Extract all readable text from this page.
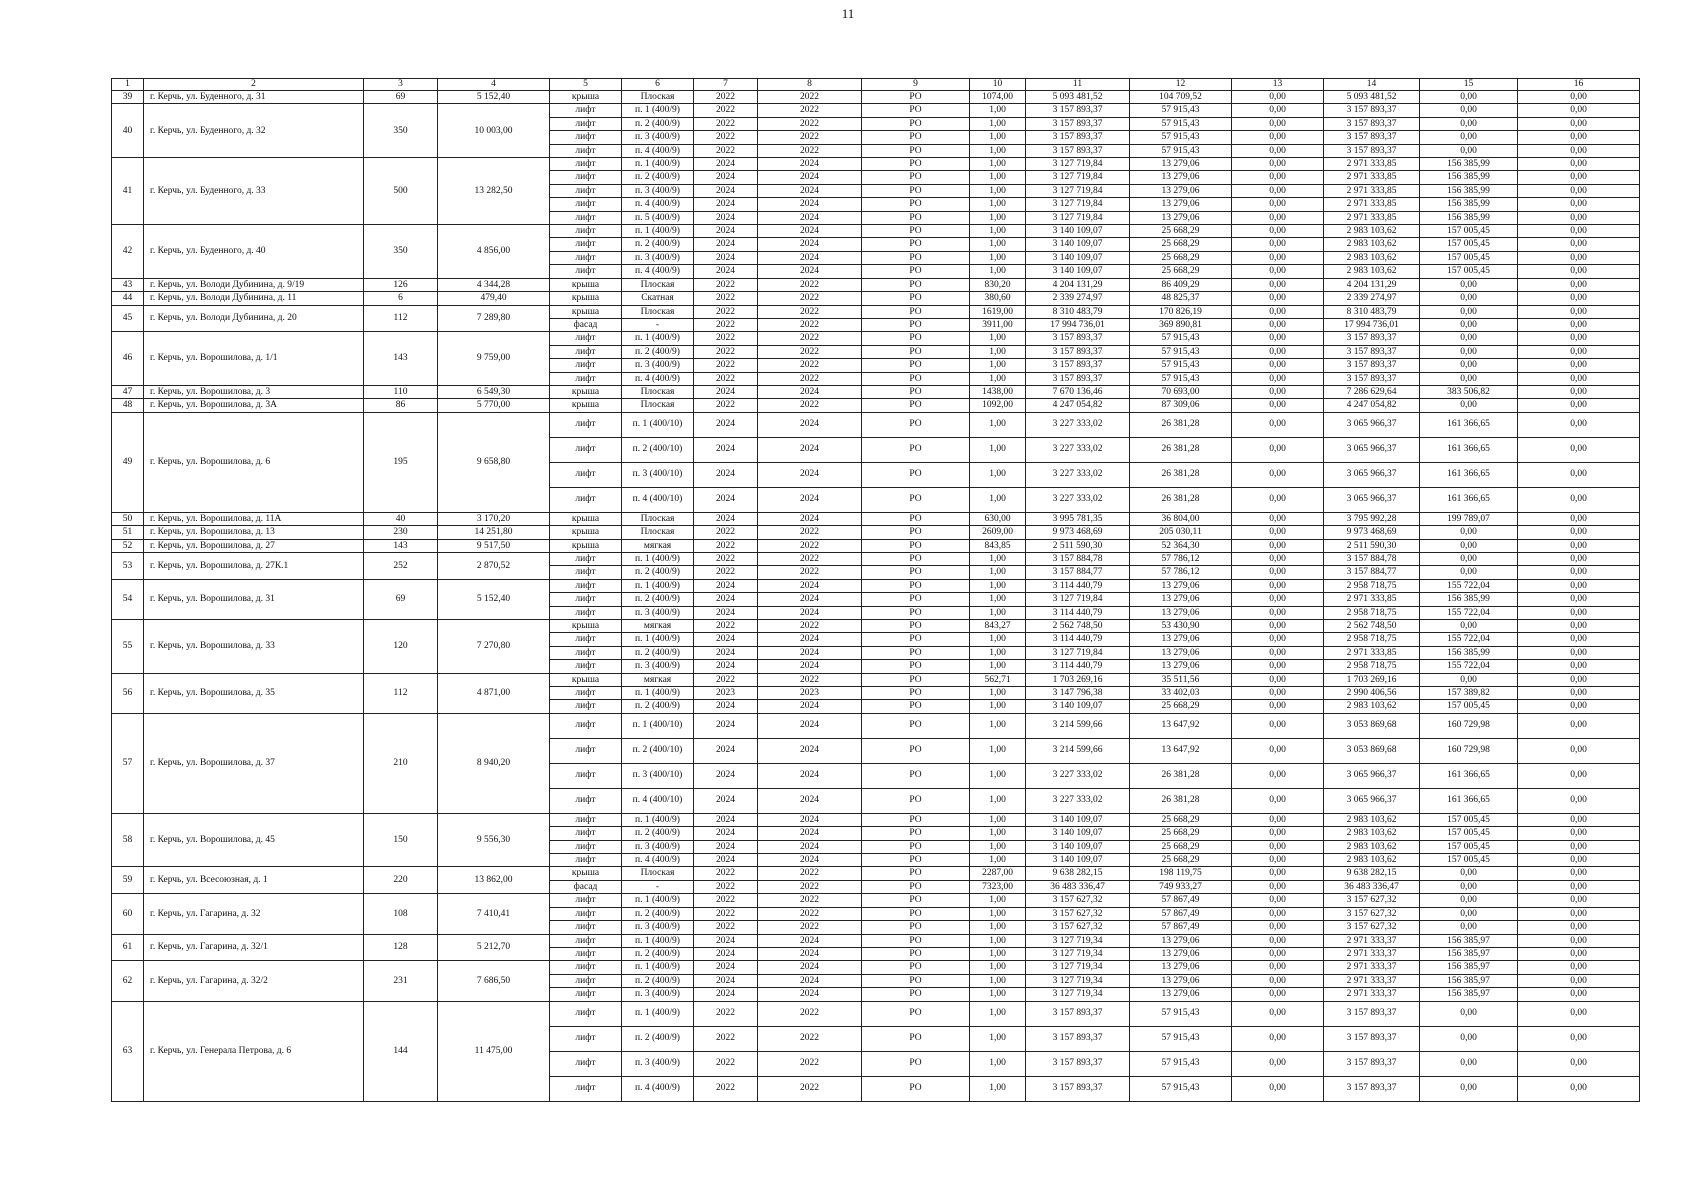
11
1	2	3	4	5	6	7	8	9	10	11	12	13	14	15	16
39	г. Керчь, ул. Буденного, д. 31	69	5 152,40	крыша	Плоская	2022	2022	РО	1074,00	5 093 481,52	104 709,52	0,00	5 093 481,52	0,00	0,00
40	г. Керчь, ул. Буденного, д. 32	350	10 003,00	лифт	п. 1 (400/9)	2022	2022	РО	1,00	3 157 893,37	57 915,43	0,00	3 157 893,37	0,00	0,00
				лифт	п. 2 (400/9)	2022	2022	РО	1,00	3 157 893,37	57 915,43	0,00	3 157 893,37	0,00	0,00
				лифт	п. 3 (400/9)	2022	2022	РО	1,00	3 157 893,37	57 915,43	0,00	3 157 893,37	0,00	0,00
				лифт	п. 4 (400/9)	2022	2022	РО	1,00	3 157 893,37	57 915,43	0,00	3 157 893,37	0,00	0,00
41	г. Керчь, ул. Буденного, д. 33	500	13 282,50	лифт	п. 1 (400/9)	2024	2024	РО	1,00	3 127 719,84	13 279,06	0,00	2 971 333,85	156 385,99	0,00
				лифт	п. 2 (400/9)	2024	2024	РО	1,00	3 127 719,84	13 279,06	0,00	2 971 333,85	156 385,99	0,00
				лифт	п. 3 (400/9)	2024	2024	РО	1,00	3 127 719,84	13 279,06	0,00	2 971 333,85	156 385,99	0,00
				лифт	п. 4 (400/9)	2024	2024	РО	1,00	3 127 719,84	13 279,06	0,00	2 971 333,85	156 385,99	0,00
				лифт	п. 5 (400/9)	2024	2024	РО	1,00	3 127 719,84	13 279,06	0,00	2 971 333,85	156 385,99	0,00
42	г. Керчь, ул. Буденного, д. 40	350	4 856,00	лифт	п. 1 (400/9)	2024	2024	РО	1,00	3 140 109,07	25 668,29	0,00	2 983 103,62	157 005,45	0,00
				лифт	п. 2 (400/9)	2024	2024	РО	1,00	3 140 109,07	25 668,29	0,00	2 983 103,62	157 005,45	0,00
				лифт	п. 3 (400/9)	2024	2024	РО	1,00	3 140 109,07	25 668,29	0,00	2 983 103,62	157 005,45	0,00
				лифт	п. 4 (400/9)	2024	2024	РО	1,00	3 140 109,07	25 668,29	0,00	2 983 103,62	157 005,45	0,00
43	г. Керчь, ул. Володи Дубинина, д. 9/19	126	4 344,28	крыша	Плоская	2022	2022	РО	830,20	4 204 131,29	86 409,29	0,00	4 204 131,29	0,00	0,00
44	г. Керчь, ул. Володи Дубинина, д. 11	6	479,40	крыша	Скатная	2022	2022	РО	380,60	2 339 274,97	48 825,37	0,00	2 339 274,97	0,00	0,00
45	г. Керчь, ул. Володи Дубинина, д. 20	112	7 289,80	крыша	Плоская	2022	2022	РО	1619,00	8 310 483,79	170 826,19	0,00	8 310 483,79	0,00	0,00
				фасад	-	2022	2022	РО	3911,00	17 994 736,01	369 890,81	0,00	17 994 736,01	0,00	0,00
46	г. Керчь, ул. Ворошилова, д. 1/1	143	9 759,00	лифт	п. 1 (400/9)	2022	2022	РО	1,00	3 157 893,37	57 915,43	0,00	3 157 893,37	0,00	0,00
				лифт	п. 2 (400/9)	2022	2022	РО	1,00	3 157 893,37	57 915,43	0,00	3 157 893,37	0,00	0,00
				лифт	п. 3 (400/9)	2022	2022	РО	1,00	3 157 893,37	57 915,43	0,00	3 157 893,37	0,00	0,00
				лифт	п. 4 (400/9)	2022	2022	РО	1,00	3 157 893,37	57 915,43	0,00	3 157 893,37	0,00	0,00
47	г. Керчь, ул. Ворошилова, д. 3	110	6 549,30	крыша	Плоская	2024	2024	РО	1438,00	7 670 136,46	70 693,00	0,00	7 286 629,64	383 506,82	0,00
48	г. Керчь, ул. Ворошилова, д. 3А	86	5 770,00	крыша	Плоская	2022	2022	РО	1092,00	4 247 054,82	87 309,06	0,00	4 247 054,82	0,00	0,00
49	г. Керчь, ул. Ворошилова, д. 6	195	9 658,80	лифт	п. 1 (400/10)	2024	2024	РО	1,00	3 227 333,02	26 381,28	0,00	3 065 966,37	161 366,65	0,00
				лифт	п. 2 (400/10)	2024	2024	РО	1,00	3 227 333,02	26 381,28	0,00	3 065 966,37	161 366,65	0,00
				лифт	п. 3 (400/10)	2024	2024	РО	1,00	3 227 333,02	26 381,28	0,00	3 065 966,37	161 366,65	0,00
				лифт	п. 4 (400/10)	2024	2024	РО	1,00	3 227 333,02	26 381,28	0,00	3 065 966,37	161 366,65	0,00
50	г. Керчь, ул. Ворошилова, д. 11А	40	3 170,20	крыша	Плоская	2024	2024	РО	630,00	3 995 781,35	36 804,00	0,00	3 795 992,28	199 789,07	0,00
51	г. Керчь, ул. Ворошилова, д. 13	230	14 251,80	крыша	Плоская	2022	2022	РО	2609,00	9 973 468,69	205 030,11	0,00	9 973 468,69	0,00	0,00
52	г. Керчь, ул. Ворошилова, д. 27	143	9 517,50	крыша	мягкая	2022	2022	РО	843,85	2 511 590,30	52 364,30	0,00	2 511 590,30	0,00	0,00
53	г. Керчь, ул. Ворошилова, д. 27К.1	252	2 870,52	лифт	п. 1 (400/9)	2022	2022	РО	1,00	3 157 884,78	57 786,12	0,00	3 157 884,78	0,00	0,00
				лифт	п. 2 (400/9)	2022	2022	РО	1,00	3 157 884,77	57 786,12	0,00	3 157 884,77	0,00	0,00
54	г. Керчь, ул. Ворошилова, д. 31	69	5 152,40	лифт	п. 1 (400/9)	2024	2024	РО	1,00	3 114 440,79	13 279,06	0,00	2 958 718,75	155 722,04	0,00
				лифт	п. 2 (400/9)	2024	2024	РО	1,00	3 127 719,84	13 279,06	0,00	2 971 333,85	156 385,99	0,00
				лифт	п. 3 (400/9)	2024	2024	РО	1,00	3 114 440,79	13 279,06	0,00	2 958 718,75	155 722,04	0,00
55	г. Керчь, ул. Ворошилова, д. 33	120	7 270,80	крыша	мягкая	2022	2022	РО	843,27	2 562 748,50	53 430,90	0,00	2 562 748,50	0,00	0,00
				лифт	п. 1 (400/9)	2024	2024	РО	1,00	3 114 440,79	13 279,06	0,00	2 958 718,75	155 722,04	0,00
				лифт	п. 2 (400/9)	2024	2024	РО	1,00	3 127 719,84	13 279,06	0,00	2 971 333,85	156 385,99	0,00
				лифт	п. 3 (400/9)	2024	2024	РО	1,00	3 114 440,79	13 279,06	0,00	2 958 718,75	155 722,04	0,00
56	г. Керчь, ул. Ворошилова, д. 35	112	4 871,00	крыша	мягкая	2022	2022	РО	562,71	1 703 269,16	35 511,56	0,00	1 703 269,16	0,00	0,00
				лифт	п. 1 (400/9)	2023	2023	РО	1,00	3 147 796,38	33 402,03	0,00	2 990 406,56	157 389,82	0,00
				лифт	п. 2 (400/9)	2024	2024	РО	1,00	3 140 109,07	25 668,29	0,00	2 983 103,62	157 005,45	0,00
57	г. Керчь, ул. Ворошилова, д. 37	210	8 940,20	лифт	п. 1 (400/10)	2024	2024	РО	1,00	3 214 599,66	13 647,92	0,00	3 053 869,68	160 729,98	0,00
				лифт	п. 2 (400/10)	2024	2024	РО	1,00	3 214 599,66	13 647,92	0,00	3 053 869,68	160 729,98	0,00
				лифт	п. 3 (400/10)	2024	2024	РО	1,00	3 227 333,02	26 381,28	0,00	3 065 966,37	161 366,65	0,00
				лифт	п. 4 (400/10)	2024	2024	РО	1,00	3 227 333,02	26 381,28	0,00	3 065 966,37	161 366,65	0,00
58	г. Керчь, ул. Ворошилова, д. 45	150	9 556,30	лифт	п. 1 (400/9)	2024	2024	РО	1,00	3 140 109,07	25 668,29	0,00	2 983 103,62	157 005,45	0,00
				лифт	п. 2 (400/9)	2024	2024	РО	1,00	3 140 109,07	25 668,29	0,00	2 983 103,62	157 005,45	0,00
				лифт	п. 3 (400/9)	2024	2024	РО	1,00	3 140 109,07	25 668,29	0,00	2 983 103,62	157 005,45	0,00
				лифт	п. 4 (400/9)	2024	2024	РО	1,00	3 140 109,07	25 668,29	0,00	2 983 103,62	157 005,45	0,00
59	г. Керчь, ул. Всесоюзная, д. 1	220	13 862,00	крыша	Плоская	2022	2022	РО	2287,00	9 638 282,15	198 119,75	0,00	9 638 282,15	0,00	0,00
				фасад	-	2022	2022	РО	7323,00	36 483 336,47	749 933,27	0,00	36 483 336,47	0,00	0,00
60	г. Керчь, ул. Гагарина, д. 32	108	7 410,41	лифт	п. 1 (400/9)	2022	2022	РО	1,00	3 157 627,32	57 867,49	0,00	3 157 627,32	0,00	0,00
				лифт	п. 2 (400/9)	2022	2022	РО	1,00	3 157 627,32	57 867,49	0,00	3 157 627,32	0,00	0,00
				лифт	п. 3 (400/9)	2022	2022	РО	1,00	3 157 627,32	57 867,49	0,00	3 157 627,32	0,00	0,00
61	г. Керчь, ул. Гагарина, д. 32/1	128	5 212,70	лифт	п. 1 (400/9)	2024	2024	РО	1,00	3 127 719,34	13 279,06	0,00	2 971 333,37	156 385,97	0,00
				лифт	п. 2 (400/9)	2024	2024	РО	1,00	3 127 719,34	13 279,06	0,00	2 971 333,37	156 385,97	0,00
62	г. Керчь, ул. Гагарина, д. 32/2	231	7 686,50	лифт	п. 1 (400/9)	2024	2024	РО	1,00	3 127 719,34	13 279,06	0,00	2 971 333,37	156 385,97	0,00
				лифт	п. 2 (400/9)	2024	2024	РО	1,00	3 127 719,34	13 279,06	0,00	2 971 333,37	156 385,97	0,00
				лифт	п. 3 (400/9)	2024	2024	РО	1,00	3 127 719,34	13 279,06	0,00	2 971 333,37	156 385,97	0,00
63	г. Керчь, ул. Генерала Петрова, д. 6	144	11 475,00	лифт	п. 1 (400/9)	2022	2022	РО	1,00	3 157 893,37	57 915,43	0,00	3 157 893,37	0,00	0,00
				лифт	п. 2 (400/9)	2022	2022	РО	1,00	3 157 893,37	57 915,43	0,00	3 157 893,37	0,00	0,00
				лифт	п. 3 (400/9)	2022	2022	РО	1,00	3 157 893,37	57 915,43	0,00	3 157 893,37	0,00	0,00
				лифт	п. 4 (400/9)	2022	2022	РО	1,00	3 157 893,37	57 915,43	0,00	3 157 893,37	0,00	0,00
